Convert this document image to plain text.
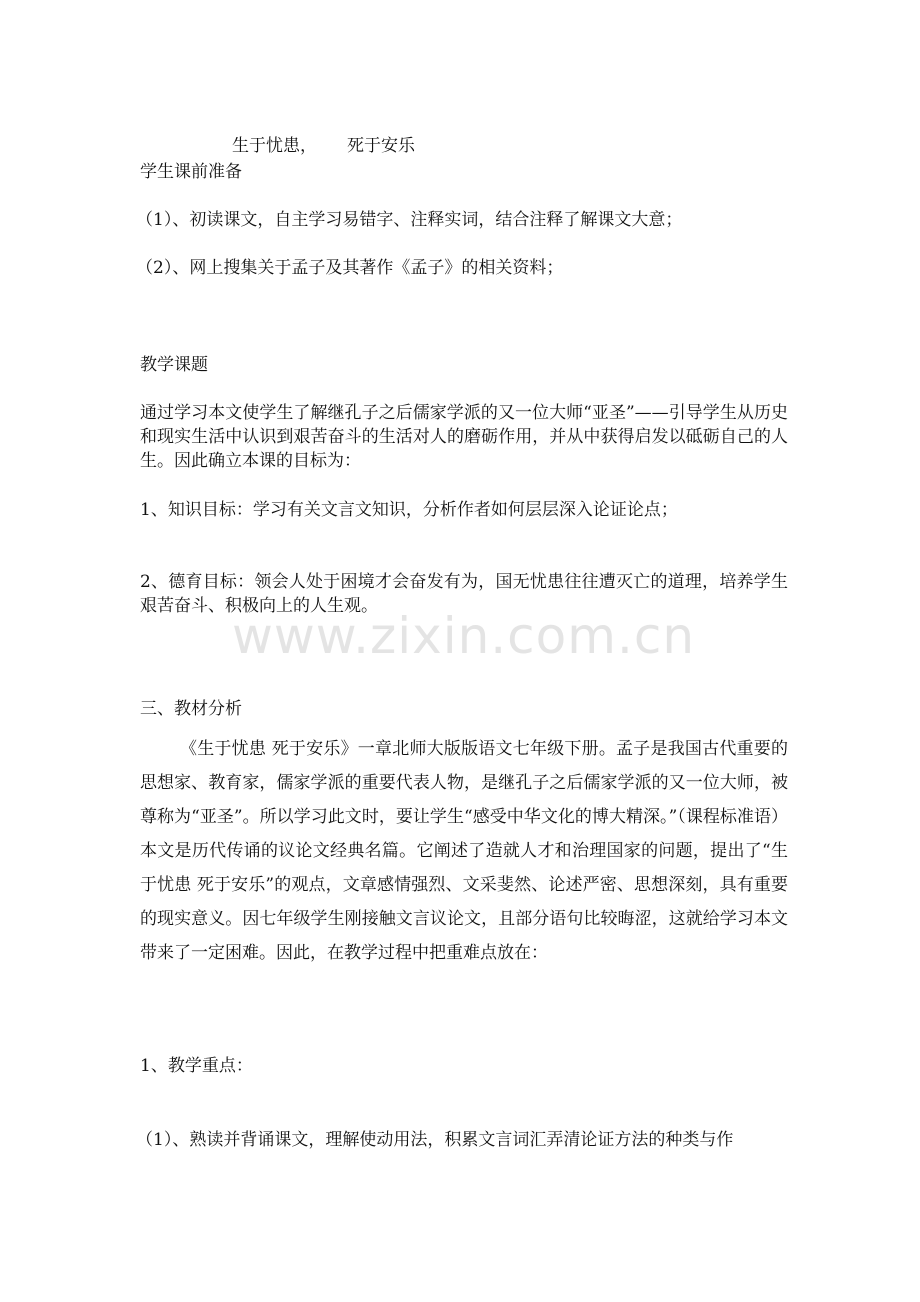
生于忧患， 死于安乐
学生课前准备
（1）、初读课文，自主学习易错字、注释实词，结合注释了解课文大意；
（2）、网上搜集关于孟子及其著作《孟子》的相关资料；
教学课题
通过学习本文使学生了解继孔子之后儒家学派的又一位大师“亚圣”——引导学生从历史和现实生活中认识到艰苦奋斗的生活对人的磨砺作用，并从中获得启发以砥砺自己的人生。因此确立本课的目标为：
1、知识目标：学习有关文言文知识，分析作者如何层层深入论证论点；
2、德育目标：领会人处于困境才会奋发有为，国无忧患往往遭灭亡的道理，培养学生艰苦奋斗、积极向上的人生观。
三、教材分析
《生于忧患 死于安乐》一章北师大版版语文七年级下册。孟子是我国古代重要的思想家、教育家，儒家学派的重要代表人物，是继孔子之后儒家学派的又一位大师，被尊称为“亚圣”。所以学习此文时，要让学生“感受中华文化的博大精深。”（课程标准语）本文是历代传诵的议论文经典名篇。它阐述了造就人才和治理国家的问题，提出了“生于忧患 死于安乐”的观点，文章感情强烈、文采斐然、论述严密、思想深刻，具有重要的现实意义。因七年级学生刚接触文言议论文，且部分语句比较晦涩，这就给学习本文带来了一定困难。因此，在教学过程中把重难点放在：
1、教学重点：
（1）、熟读并背诵课文，理解使动用法，积累文言词汇弄清论证方法的种类与作
www.zixin.com.cn
